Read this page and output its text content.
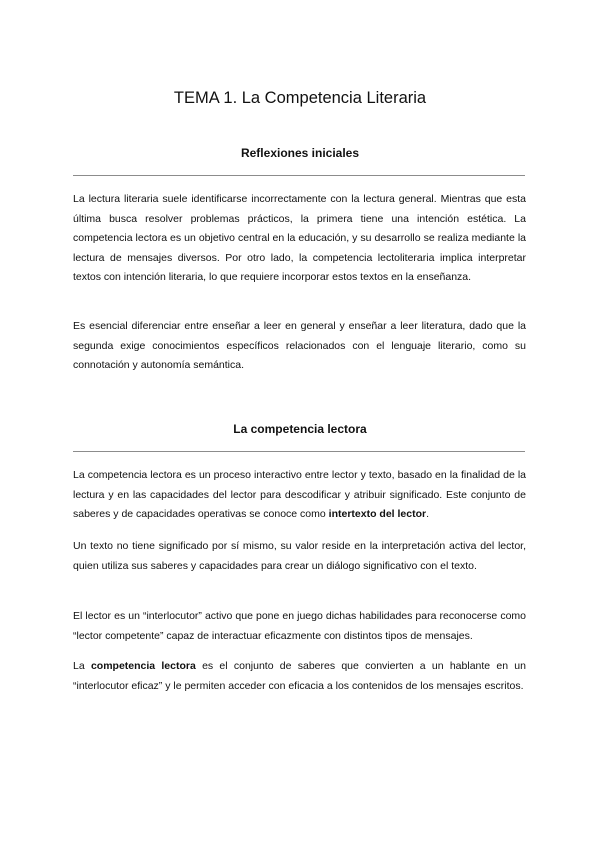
TEMA 1. La Competencia Literaria
Reflexiones iniciales

La lectura literaria suele identificarse incorrectamente con la lectura general. Mientras que esta última busca resolver problemas prácticos, la primera tiene una intención estética. La competencia lectora es un objetivo central en la educación, y su desarrollo se realiza mediante la lectura de mensajes diversos. Por otro lado, la competencia lectoliteraria implica interpretar textos con intención literaria, lo que requiere incorporar estos textos en la enseñanza.

Es esencial diferenciar entre enseñar a leer en general y enseñar a leer literatura, dado que la segunda exige conocimientos específicos relacionados con el lenguaje literario, como su connotación y autonomía semántica.

La competencia lectora

La competencia lectora es un proceso interactivo entre lector y texto, basado en la finalidad de la lectura y en las capacidades del lector para descodificar y atribuir significado. Este conjunto de saberes y de capacidades operativas se conoce como intertexto del lector.

Un texto no tiene significado por sí mismo, su valor reside en la interpretación activa del lector, quien utiliza sus saberes y capacidades para crear un diálogo significativo con el texto.

El lector es un “interlocutor” activo que pone en juego dichas habilidades para reconocerse como “lector competente” capaz de interactuar eficazmente con distintos tipos de mensajes.

La competencia lectora es el conjunto de saberes que convierten a un hablante en un “interlocutor eficaz” y le permiten acceder con eficacia a los contenidos de los mensajes escritos.
